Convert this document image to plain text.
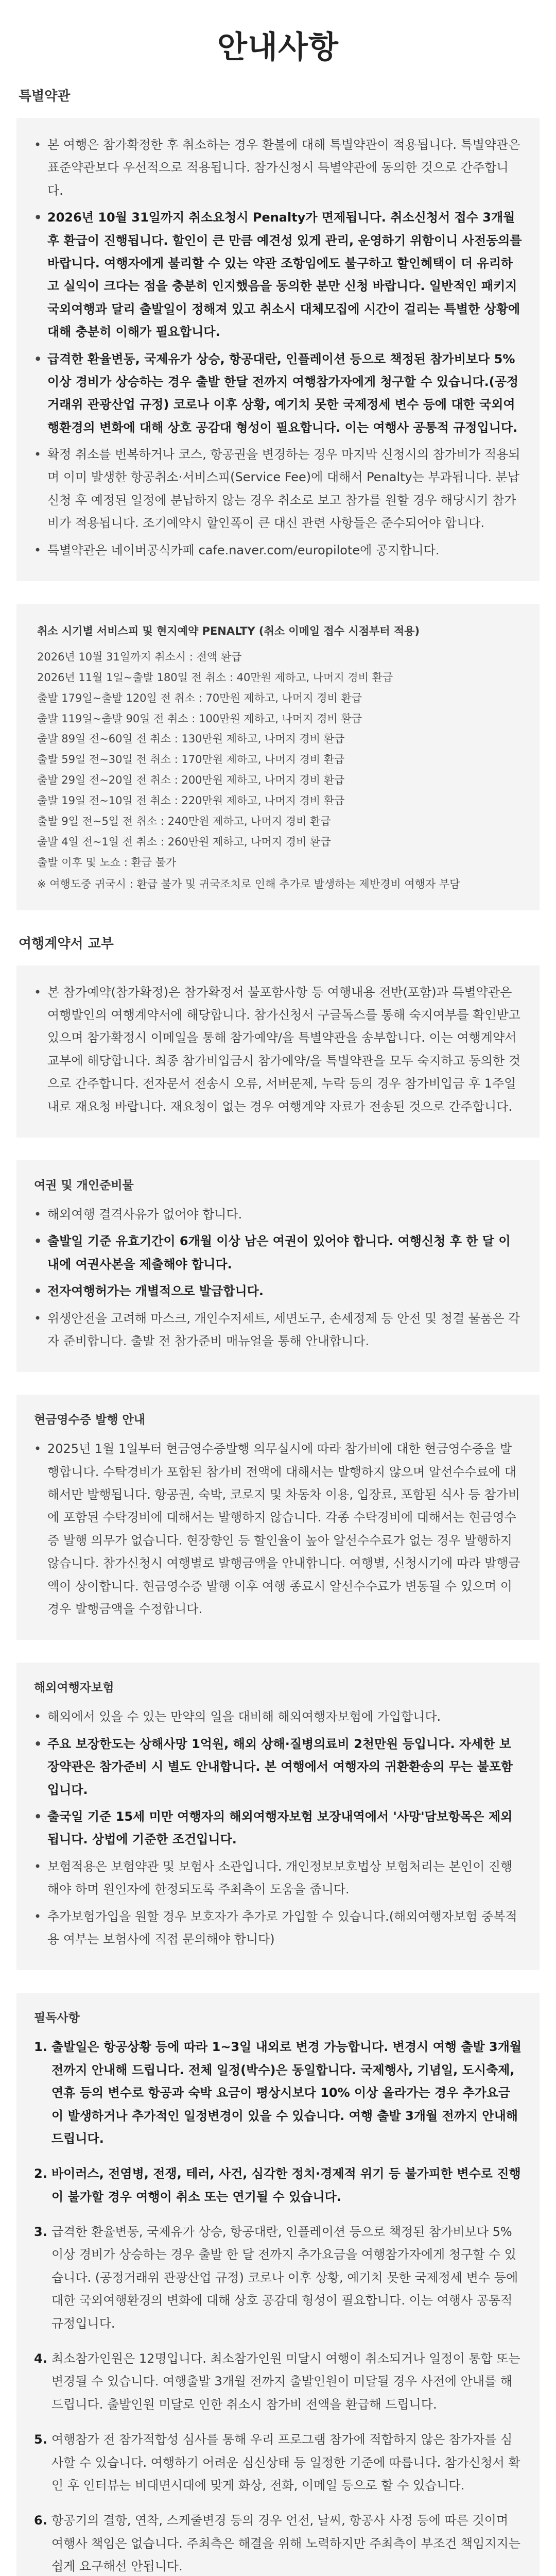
안내사항
특별약관
• 본 여행은 참가확정한 후 취소하는 경우 환불에 대해 특별약관이 적용됩니다. 특별약관은 표준약관보다 우선적으로 적용됩니다. 참가신청시 특별약관에 동의한 것으로 간주합니다.
• 2026년 10월 31일까지 취소요청시 Penalty가 면제됩니다. 취소신청서 접수 3개월 후 환급이 진행됩니다. 할인이 큰 만큼 예견성 있게 관리, 운영하기 위함이니 사전동의를 바랍니다. 여행자에게 불리할 수 있는 약관 조항임에도 불구하고 할인혜택이 더 유리하고 실익이 크다는 점을 충분히 인지했음을 동의한 분만 신청 바랍니다. 일반적인 패키지 국외여행과 달리 출발일이 정해져 있고 취소시 대체모집에 시간이 걸리는 특별한 상황에 대해 충분히 이해가 필요합니다.
• 급격한 환율변동, 국제유가 상승, 항공대란, 인플레이션 등으로 책정된 참가비보다 5% 이상 경비가 상승하는 경우 출발 한달 전까지 여행참가자에게 청구할 수 있습니다.(공정거래위 관광산업 규정) 코로나 이후 상황, 예기치 못한 국제정세 변수 등에 대한 국외여행환경의 변화에 대해 상호 공감대 형성이 필요합니다. 이는 여행사 공통적 규정입니다.
• 확정 취소를 번복하거나 코스, 항공권을 변경하는 경우 마지막 신청시의 참가비가 적용되며 이미 발생한 항공취소·서비스피(Service Fee)에 대해서 Penalty는 부과됩니다. 분납신청 후 예정된 일정에 분납하지 않는 경우 취소로 보고 참가를 원할 경우 해당시기 참가비가 적용됩니다. 조기예약시 할인폭이 큰 대신 관련 사항들은 준수되어야 합니다.
• 특별약관은 네이버공식카페 cafe.naver.com/europilote에 공지합니다.
취소 시기별 서비스피 및 현지예약 PENALTY (취소 이메일 접수 시점부터 적용)
2026년 10월 31일까지 취소시 : 전액 환급
2026년 11월 1일~출발 180일 전 취소 : 40만원 제하고, 나머지 경비 환급
출발 179일~출발 120일 전 취소 : 70만원 제하고, 나머지 경비 환급
출발 119일~출발 90일 전 취소 : 100만원 제하고, 나머지 경비 환급
출발 89일 전~60일 전 취소 : 130만원 제하고, 나머지 경비 환급
출발 59일 전~30일 전 취소 : 170만원 제하고, 나머지 경비 환급
출발 29일 전~20일 전 취소 : 200만원 제하고, 나머지 경비 환급
출발 19일 전~10일 전 취소 : 220만원 제하고, 나머지 경비 환급
출발 9일 전~5일 전 취소 : 240만원 제하고, 나머지 경비 환급
출발 4일 전~1일 전 취소 : 260만원 제하고, 나머지 경비 환급
출발 이후 및 노쇼 : 환급 불가
※ 여행도중 귀국시 : 환급 불가 및 귀국조치로 인해 추가로 발생하는 제반경비 여행자 부담
여행계약서 교부
• 본 참가예약(참가확정)은 참가확정서 불포함사항 등 여행내용 전반(포함)과 특별약관은 여행발인의 여행계약서에 해당합니다. 참가신청서 구글독스를 통해 숙지여부를 확인받고 있으며 참가확정시 이메일을 통해 참가예약/을 특별약관을 송부합니다. 이는 여행계약서 교부에 해당합니다. 최종 참가비입금시 참가예약/을 특별약관을 모두 숙지하고 동의한 것으로 간주합니다. 전자문서 전송시 오류, 서버문제, 누락 등의 경우 참가비입금 후 1주일 내로 재요청 바랍니다. 재요청이 없는 경우 여행계약 자료가 전송된 것으로 간주합니다.
여권 및 개인준비물
• 해외여행 결격사유가 없어야 합니다.
• 출발일 기준 유효기간이 6개월 이상 남은 여권이 있어야 합니다. 여행신청 후 한 달 이내에 여권사본을 제출해야 합니다.
• 전자여행허가는 개별적으로 발급합니다.
• 위생안전을 고려해 마스크, 개인수저세트, 세면도구, 손세정제 등 안전 및 청결 물품은 각자 준비합니다. 출발 전 참가준비 매뉴얼을 통해 안내합니다.
현금영수증 발행 안내
• 2025년 1월 1일부터 현금영수증발행 의무실시에 따라 참가비에 대한 현금영수증을 발행합니다. 수탁경비가 포함된 참가비 전액에 대해서는 발행하지 않으며 알선수수료에 대해서만 발행됩니다. 항공권, 숙박, 코로지 및 차동차 이용, 입장료, 포함된 식사 등 참가비에 포함된 수탁경비에 대해서는 발행하지 않습니다. 각종 수탁경비에 대해서는 현금영수증 발행 의무가 없습니다. 현장향인 등 할인율이 높아 알선수수료가 없는 경우 발행하지 않습니다. 참가신청시 여행별로 발행금액을 안내합니다. 여행별, 신청시기에 따라 발행금액이 상이합니다. 현금영수증 발행 이후 여행 종료시 알선수수료가 변동될 수 있으며 이 경우 발행금액을 수정합니다.
해외여행자보험
• 해외에서 있을 수 있는 만약의 일을 대비해 해외여행자보험에 가입합니다.
• 주요 보장한도는 상해사망 1억원, 해외 상해·질병의료비 2천만원 등입니다. 자세한 보장약관은 참가준비 시 별도 안내합니다. 본 여행에서 여행자의 귀환환송의 무는 불포함입니다.
• 출국일 기준 15세 미만 여행자의 해외여행자보험 보장내역에서 '사망'담보항목은 제외됩니다. 상법에 기준한 조건입니다.
• 보험적용은 보험약관 및 보험사 소관입니다. 개인정보보호법상 보험처리는 본인이 진행해야 하며 원인자에 한정되도록 주최측이 도움을 줍니다.
• 추가보험가입을 원할 경우 보호자가 추가로 가입할 수 있습니다.(해외여행자보험 중복적용 여부는 보험사에 직접 문의해야 합니다)
필독사항
1. 출발일은 항공상황 등에 따라 1~3일 내외로 변경 가능합니다. 변경시 여행 출발 3개월 전까지 안내해 드립니다. 전체 일정(박수)은 동일합니다. 국제행사, 기념일, 도시축제, 연휴 등의 변수로 항공과 숙박 요금이 평상시보다 10% 이상 올라가는 경우 추가요금이 발생하거나 추가적인 일정변경이 있을 수 있습니다. 여행 출발 3개월 전까지 안내해 드립니다.
2. 바이러스, 전염병, 전쟁, 테러, 사건, 심각한 정치·경제적 위기 등 불가피한 변수로 진행이 불가할 경우 여행이 취소 또는 연기될 수 있습니다.
3. 급격한 환율변동, 국제유가 상승, 항공대란, 인플레이션 등으로 책정된 참가비보다 5% 이상 경비가 상승하는 경우 출발 한 달 전까지 추가요금을 여행참가자에게 청구할 수 있습니다. (공정거래위 관광산업 규정) 코로나 이후 상황, 예기치 못한 국제정세 변수 등에 대한 국외여행환경의 변화에 대해 상호 공감대 형성이 필요합니다. 이는 여행사 공통적 규정입니다.
4. 최소참가인원은 12명입니다. 최소참가인원 미달시 여행이 취소되거나 일정이 통합 또는 변경될 수 있습니다. 여행출발 3개월 전까지 출발인원이 미달될 경우 사전에 안내를 해드립니다. 출발인원 미달로 인한 취소시 참가비 전액을 환급해 드립니다.
5. 여행참가 전 참가적합성 심사를 통해 우리 프로그램 참가에 적합하지 않은 참가자를 심사할 수 있습니다. 여행하기 어려운 심신상태 등 일정한 기준에 따릅니다. 참가신청서 확인 후 인터뷰는 비대면시대에 맞게 화상, 전화, 이메일 등으로 할 수 있습니다.
6. 항공기의 결항, 연착, 스케줄변경 등의 경우 언전, 날씨, 항공사 사정 등에 따른 것이며 여행사 책임은 없습니다. 주최측은 해결을 위해 노력하지만 주최측이 부조건 책임지지는 쉽게 요구해선 안됩니다.
